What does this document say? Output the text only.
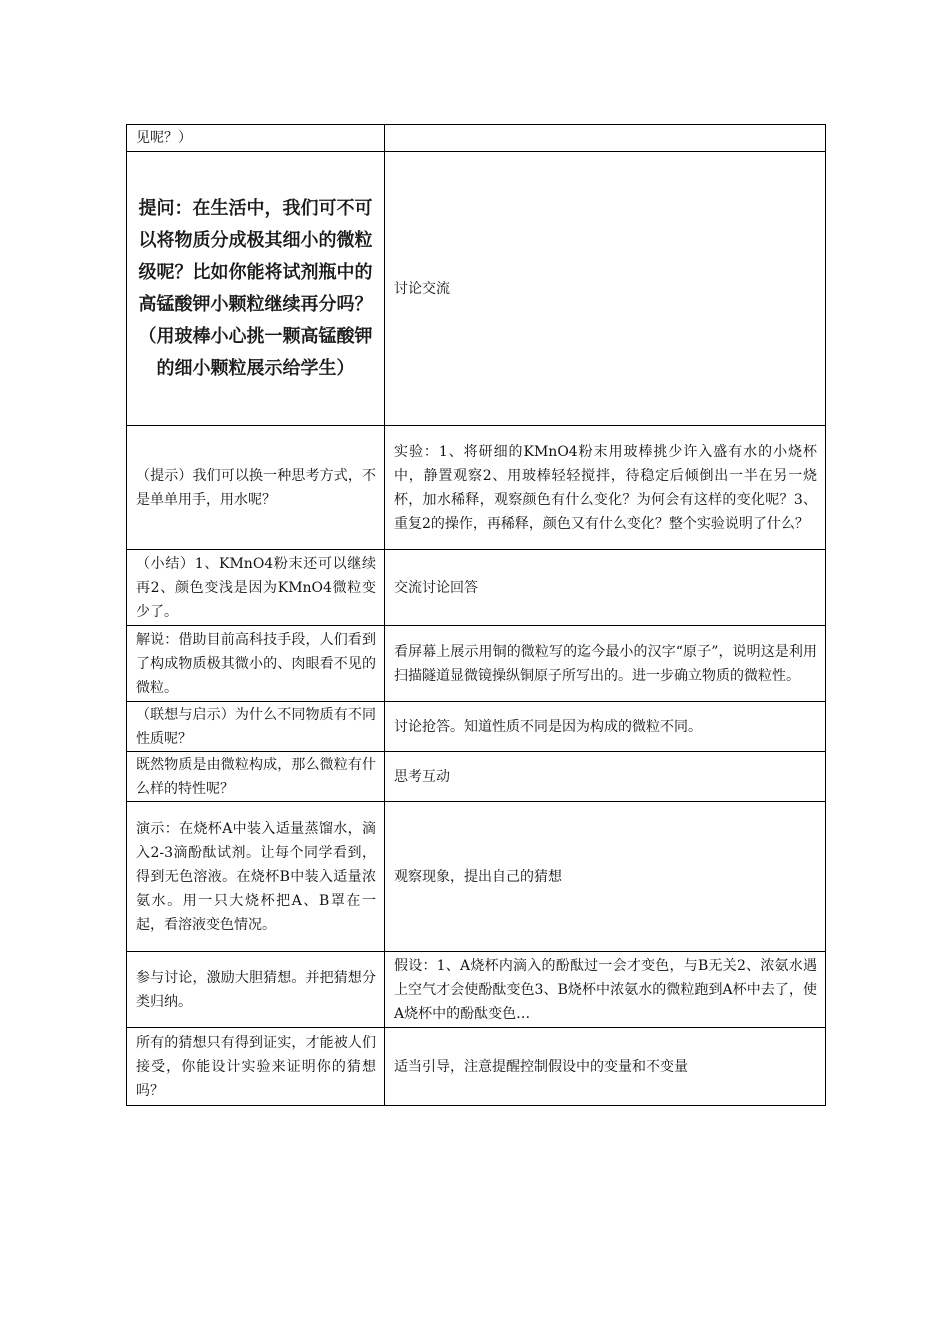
见呢？）	
提问：在生活中，我们可不可以将物质分成极其细小的微粒级呢？比如你能将试剂瓶中的高锰酸钾小颗粒继续再分吗？（用玻棒小心挑一颗高锰酸钾的细小颗粒展示给学生）	讨论交流
（提示）我们可以换一种思考方式，不是单单用手，用水呢？	实验：1、将研细的KMnO4粉末用玻棒挑少许入盛有水的小烧杯中，静置观察2、用玻棒轻轻搅拌，待稳定后倾倒出一半在另一烧杯，加水稀释，观察颜色有什么变化？为何会有这样的变化呢？3、重复2的操作，再稀释，颜色又有什么变化？整个实验说明了什么？
（小结）1、KMnO4粉末还可以继续再2、颜色变浅是因为KMnO4微粒变少了。	交流讨论回答
解说：借助目前高科技手段，人们看到了构成物质极其微小的、肉眼看不见的微粒。	看屏幕上展示用铜的微粒写的迄今最小的汉字“原子”，说明这是利用扫描隧道显微镜操纵铜原子所写出的。进一步确立物质的微粒性。
（联想与启示）为什么不同物质有不同性质呢？	讨论抢答。知道性质不同是因为构成的微粒不同。
既然物质是由微粒构成，那么微粒有什么样的特性呢？	思考互动
演示：在烧杯A中装入适量蒸馏水，滴入2-3滴酚酞试剂。让每个同学看到，得到无色溶液。在烧杯B中装入适量浓氨水。用一只大烧杯把A、B罩在一起，看溶液变色情况。	观察现象，提出自己的猜想
参与讨论，激励大胆猜想。并把猜想分类归纳。	假设：1、A烧杯内滴入的酚酞过一会才变色，与B无关2、浓氨水遇上空气才会使酚酞变色3、B烧杯中浓氨水的微粒跑到A杯中去了，使A烧杯中的酚酞变色…
所有的猜想只有得到证实，才能被人们接受，你能设计实验来证明你的猜想吗？	适当引导，注意提醒控制假设中的变量和不变量
